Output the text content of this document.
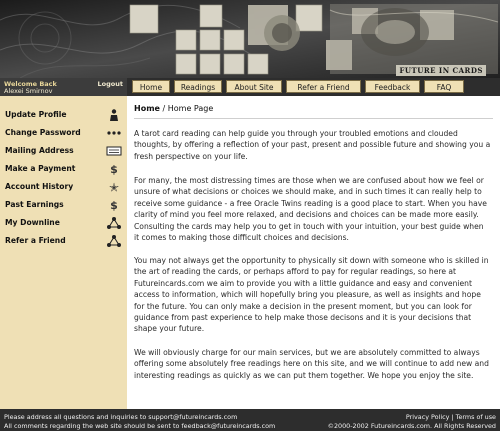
FUTURE IN CARDS
Welcome Back
Alexei Smirnov
Logout	Home	Readings	About Site	Refer a Friend	Feedback	FAQ
Update Profile
Change Password
Mailing Address
Make a Payment	$
Account History	✭
Past Earnings	$
My Downline
Refer a Friend
Home / Home Page

A tarot card reading can help guide you through your troubled emotions and clouded thoughts, by offering a reflection of your past, present and possible future and showing you a fresh perspective on your life.

For many, the most distressing times are those when we are confused about how we feel or unsure of what decisions or choices we should make, and in such times it can really help to receive some guidance - a free Oracle Twins reading is a good place to start. When you have clarity of mind you feel more relaxed, and decisions and choices can be made more easily. Consulting the cards may help you to get in touch with your intuition, your best guide when it comes to making those difficult choices and decisions.

You may not always get the opportunity to physically sit down with someone who is skilled in the art of reading the cards, or perhaps afford to pay for regular readings, so here at Futureincards.com we aim to provide you with a little guidance and easy and convenient access to information, which will hopefully bring you pleasure, as well as insights and hope for the future. You can only make a decision in the present moment, but you can look for guidance from past experience to help make those decisons and it is your decisions that shape your future.

We will obviously charge for our main services, but we are absolutely committed to always offering some absolutely free readings here on this site, and we will continue to add new and interesting readings as quickly as we can put them together. We hope you enjoy the site.

Please address all questions and inquiries to support@futureincards.com
All comments regarding the web site should be sent to feedback@futureincards.com
Privacy Policy | Terms of use
©2000-2002 Futureincards.com. All Rights Reserved
